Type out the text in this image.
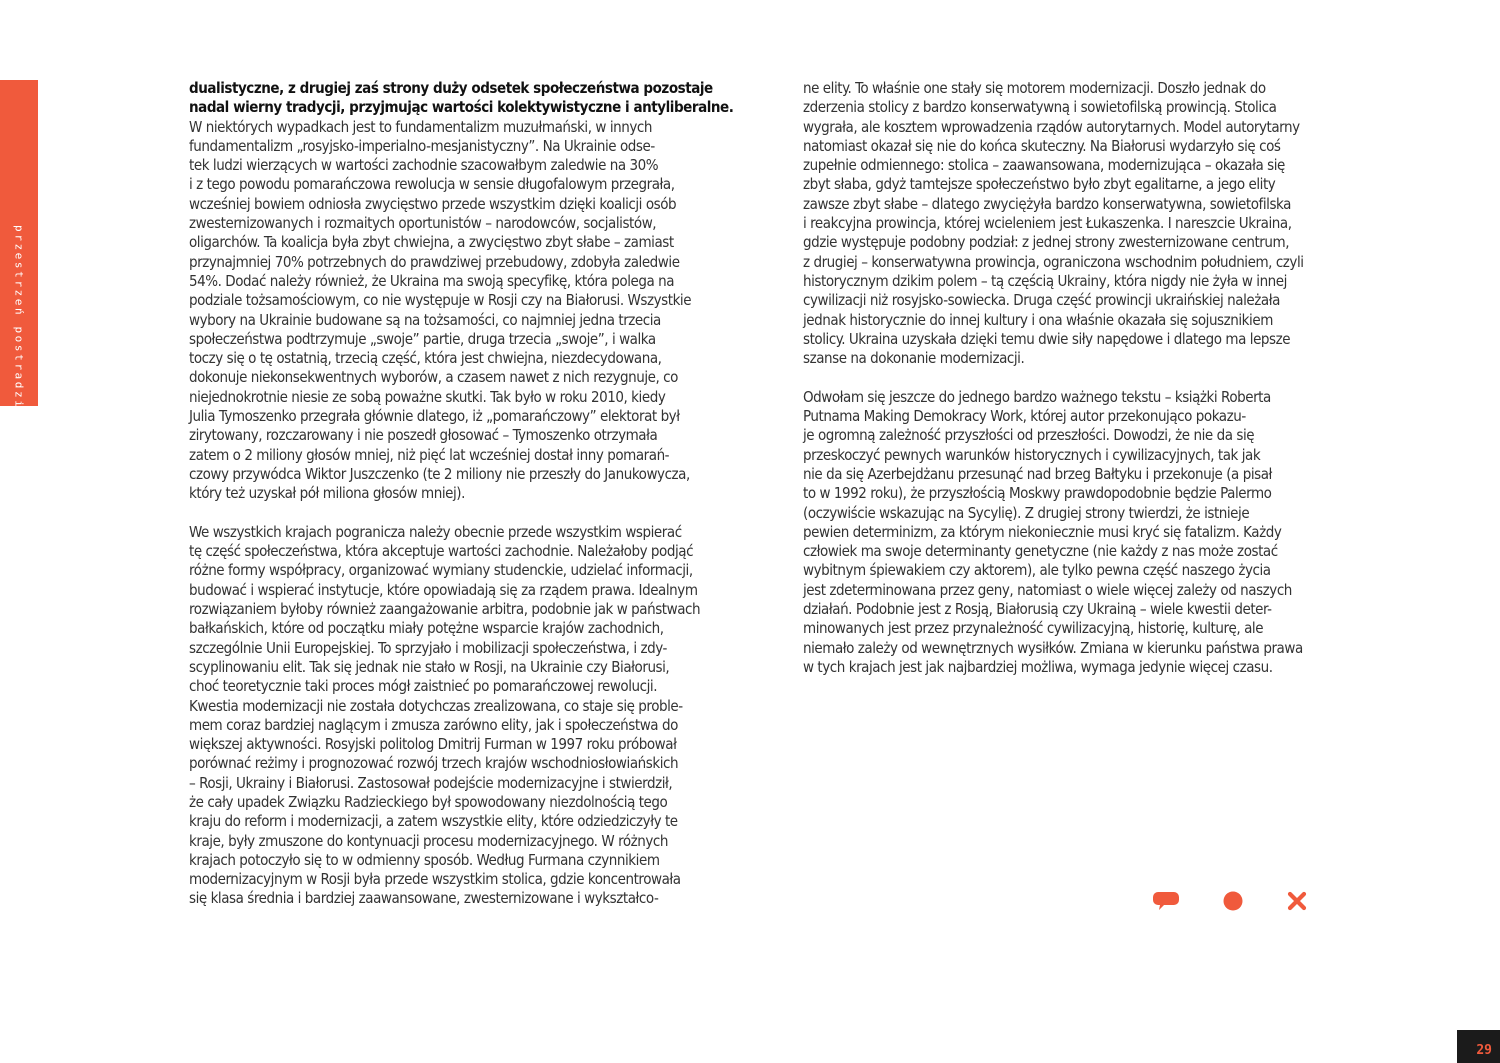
przestrzeń postradziecka
dualistyczne, z drugiej zaś strony duży odsetek społeczeństwa pozostaje
nadal wierny tradycji, przyjmując wartości kolektywistyczne i antyliberalne.
W niektórych wypadkach jest to fundamentalizm muzułmański, w innych
fundamentalizm „rosyjsko-imperialno-mesjanistyczny”. Na Ukrainie odse-
tek ludzi wierzących w wartości zachodnie szacowałbym zaledwie na 30%
i z tego powodu pomarańczowa rewolucja w sensie długofalowym przegrała,
wcześniej bowiem odniosła zwycięstwo przede wszystkim dzięki koalicji osób
zwesternizowanych i rozmaitych oportunistów – narodowców, socjalistów,
oligarchów. Ta koalicja była zbyt chwiejna, a zwycięstwo zbyt słabe – zamiast
przynajmniej 70% potrzebnych do prawdziwej przebudowy, zdobyła zaledwie
54%. Dodać należy również, że Ukraina ma swoją specyfikę, która polega na
podziale tożsamościowym, co nie występuje w Rosji czy na Białorusi. Wszystkie
wybory na Ukrainie budowane są na tożsamości, co najmniej jedna trzecia
społeczeństwa podtrzymuje „swoje” partie, druga trzecia „swoje”, i walka
toczy się o tę ostatnią, trzecią część, która jest chwiejna, niezdecydowana,
dokonuje niekonsekwentnych wyborów, a czasem nawet z nich rezygnuje, co
niejednokrotnie niesie ze sobą poważne skutki. Tak było w roku 2010, kiedy
Julia Tymoszenko przegrała głównie dlatego, iż „pomarańczowy” elektorat był
zirytowany, rozczarowany i nie poszedł głosować – Tymoszenko otrzymała
zatem o 2 miliony głosów mniej, niż pięć lat wcześniej dostał inny pomarań-
czowy przywódca Wiktor Juszczenko (te 2 miliony nie przeszły do Janukowycza,
który też uzyskał pół miliona głosów mniej).
We wszystkich krajach pogranicza należy obecnie przede wszystkim wspierać
tę część społeczeństwa, która akceptuje wartości zachodnie. Należałoby podjąć
różne formy współpracy, organizować wymiany studenckie, udzielać informacji,
budować i wspierać instytucje, które opowiadają się za rządem prawa. Idealnym
rozwiązaniem byłoby również zaangażowanie arbitra, podobnie jak w państwach
bałkańskich, które od początku miały potężne wsparcie krajów zachodnich,
szczególnie Unii Europejskiej. To sprzyjało i mobilizacji społeczeństwa, i zdy-
scyplinowaniu elit. Tak się jednak nie stało w Rosji, na Ukrainie czy Białorusi,
choć teoretycznie taki proces mógł zaistnieć po pomarańczowej rewolucji.
Kwestia modernizacji nie została dotychczas zrealizowana, co staje się proble-
mem coraz bardziej naglącym i zmusza zarówno elity, jak i społeczeństwa do
większej aktywności. Rosyjski politolog Dmitrij Furman w 1997 roku próbował
porównać reżimy i prognozować rozwój trzech krajów wschodniosłowiańskich
– Rosji, Ukrainy i Białorusi. Zastosował podejście modernizacyjne i stwierdził,
że cały upadek Związku Radzieckiego był spowodowany niezdolnością tego
kraju do reform i modernizacji, a zatem wszystkie elity, które odziedziczyły te
kraje, były zmuszone do kontynuacji procesu modernizacyjnego. W różnych
krajach potoczyło się to w odmienny sposób. Według Furmana czynnikiem
modernizacyjnym w Rosji była przede wszystkim stolica, gdzie koncentrowała
się klasa średnia i bardziej zaawansowane, zwesternizowane i wykształco-
ne elity. To właśnie one stały się motorem modernizacji. Doszło jednak do
zderzenia stolicy z bardzo konserwatywną i sowietofilską prowincją. Stolica
wygrała, ale kosztem wprowadzenia rządów autorytarnych. Model autorytarny
natomiast okazał się nie do końca skuteczny. Na Białorusi wydarzyło się coś
zupełnie odmiennego: stolica – zaawansowana, modernizująca – okazała się
zbyt słaba, gdyż tamtejsze społeczeństwo było zbyt egalitarne, a jego elity
zawsze zbyt słabe – dlatego zwyciężyła bardzo konserwatywna, sowietofilska
i reakcyjna prowincja, której wcieleniem jest Łukaszenka. I nareszcie Ukraina,
gdzie występuje podobny podział: z jednej strony zwesternizowane centrum,
z drugiej – konserwatywna prowincja, ograniczona wschodnim południem, czyli
historycznym dzikim polem – tą częścią Ukrainy, która nigdy nie żyła w innej
cywilizacji niż rosyjsko-sowiecka. Druga część prowincji ukraińskiej należała
jednak historycznie do innej kultury i ona właśnie okazała się sojusznikiem
stolicy. Ukraina uzyskała dzięki temu dwie siły napędowe i dlatego ma lepsze
szanse na dokonanie modernizacji.
Odwołam się jeszcze do jednego bardzo ważnego tekstu – książki Roberta
Putnama Making Demokracy Work, której autor przekonująco pokazu-
je ogromną zależność przyszłości od przeszłości. Dowodzi, że nie da się
przeskoczyć pewnych warunków historycznych i cywilizacyjnych, tak jak
nie da się Azerbejdżanu przesunąć nad brzeg Bałtyku i przekonuje (a pisał
to w 1992 roku), że przyszłością Moskwy prawdopodobnie będzie Palermo
(oczywiście wskazując na Sycylię). Z drugiej strony twierdzi, że istnieje
pewien determinizm, za którym niekoniecznie musi kryć się fatalizm. Każdy
człowiek ma swoje determinanty genetyczne (nie każdy z nas może zostać
wybitnym śpiewakiem czy aktorem), ale tylko pewna część naszego życia
jest zdeterminowana przez geny, natomiast o wiele więcej zależy od naszych
działań. Podobnie jest z Rosją, Białorusią czy Ukrainą – wiele kwestii deter-
minowanych jest przez przynależność cywilizacyjną, historię, kulturę, ale
niemało zależy od wewnętrznych wysiłków. Zmiana w kierunku państwa prawa
w tych krajach jest jak najbardziej możliwa, wymaga jedynie więcej czasu.
29
